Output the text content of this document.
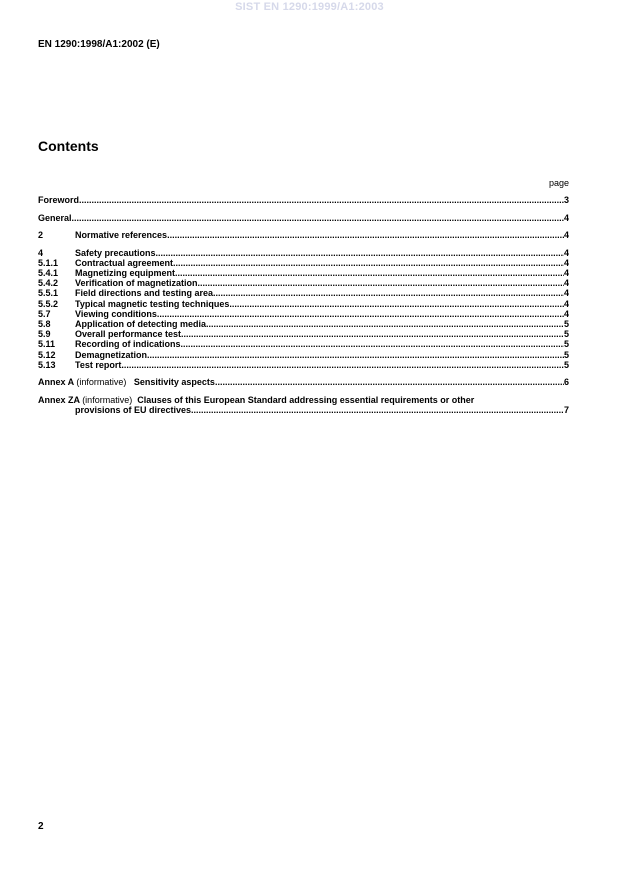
SIST EN 1290:1999/A1:2003
EN 1290:1998/A1:2002 (E)
Contents
page
Foreword .....	3
General .....	4
2	Normative references .....	4
4	Safety precautions .....	4
5.1.1	Contractual agreement .....	4
5.4.1	Magnetizing equipment .....	4
5.4.2	Verification of magnetization .....	4
5.5.1	Field directions and testing area .....	4
5.5.2	Typical magnetic testing techniques .....	4
5.7	Viewing conditions .....	4
5.8	Application of detecting media .....	5
5.9	Overall performance test .....	5
5.11	Recording of indications .....	5
5.12	Demagnetization .....	5
5.13	Test report .....	5
Annex A (informative) Sensitivity aspects .....	6
Annex ZA (informative) Clauses of this European Standard addressing essential requirements or other
provisions of EU directives .....	7
2
